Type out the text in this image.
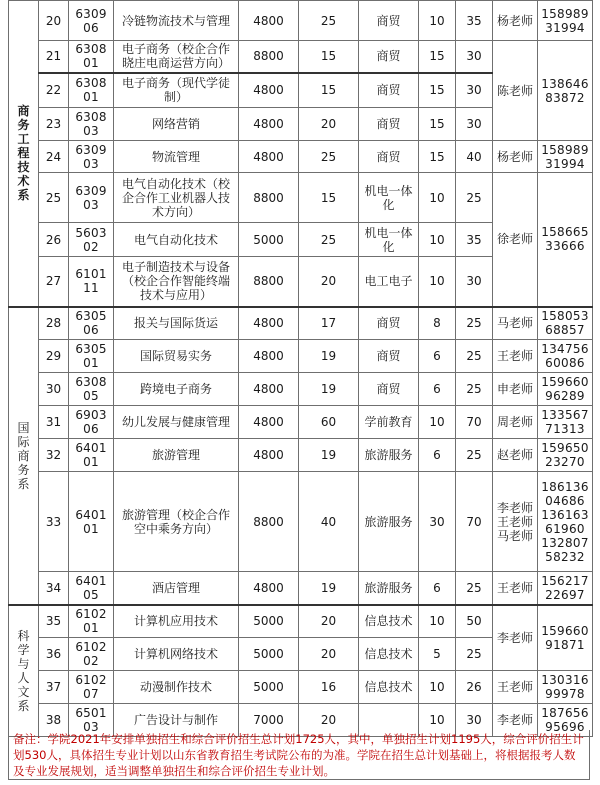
商务工程技术系	20	630906	冷链物流技术与管理	4800	25	商贸	10	35	杨老师	15898931994
	21	630801	电子商务（校企合作晓庄电商运营方向）	8800	15	商贸	15	30	陈老师	13864683872
	22	630801	电子商务（现代学徒制）	4800	15	商贸	15	30		
	23	630803	网络营销	4800	20	商贸	15	30		
	24	630903	物流管理	4800	25	商贸	15	40	杨老师	15898931994
	25	630903	电气自动化技术（校企合作工业机器人技术方向）	8800	15	机电一体化	10	25	徐老师	15866533666
	26	560302	电气自动化技术	5000	25	机电一体化	10	35		
	27	610111	电子制造技术与设备（校企合作智能终端技术与应用）	8800	20	电工电子	10	30		
国际商务系	28	630506	报关与国际货运	4800	17	商贸	8	25	马老师	15805368857
	29	630501	国际贸易实务	4800	19	商贸	6	25	王老师	13475660086
	30	630805	跨境电子商务	4800	19	商贸	6	25	申老师	15966096289
	31	690306	幼儿发展与健康管理	4800	60	学前教育	10	70	周老师	13356771313
	32	640101	旅游管理	4800	19	旅游服务	6	25	赵老师	15965023270
	33	640101	旅游管理（校企合作空中乘务方向）	8800	40	旅游服务	30	70	李老师 王老师 马老师	18613604686 13616361960 13280758232
	34	640105	酒店管理	4800	19	旅游服务	6	25	王老师	15621722697
科学与人文系	35	610201	计算机应用技术	5000	20	信息技术	10	50	李老师	15966091871
	36	610202	计算机网络技术	5000	20	信息技术	5	25		
	37	610207	动漫制作技术	5000	16	信息技术	10	26	王老师	13031699978
	38	650103	广告设计与制作	7000	20		10	30	李老师	18765695696
备注：学院2021年安排单独招生和综合评价招生总计划1725人，其中，单独招生计划1195人，综合评价招生计划530人，具体招生专业计划以山东省教育招生考试院公布的为准。学院在招生总计划基础上，将根据报考人数及专业发展规划，适当调整单独招生和综合评价招生专业计划。
